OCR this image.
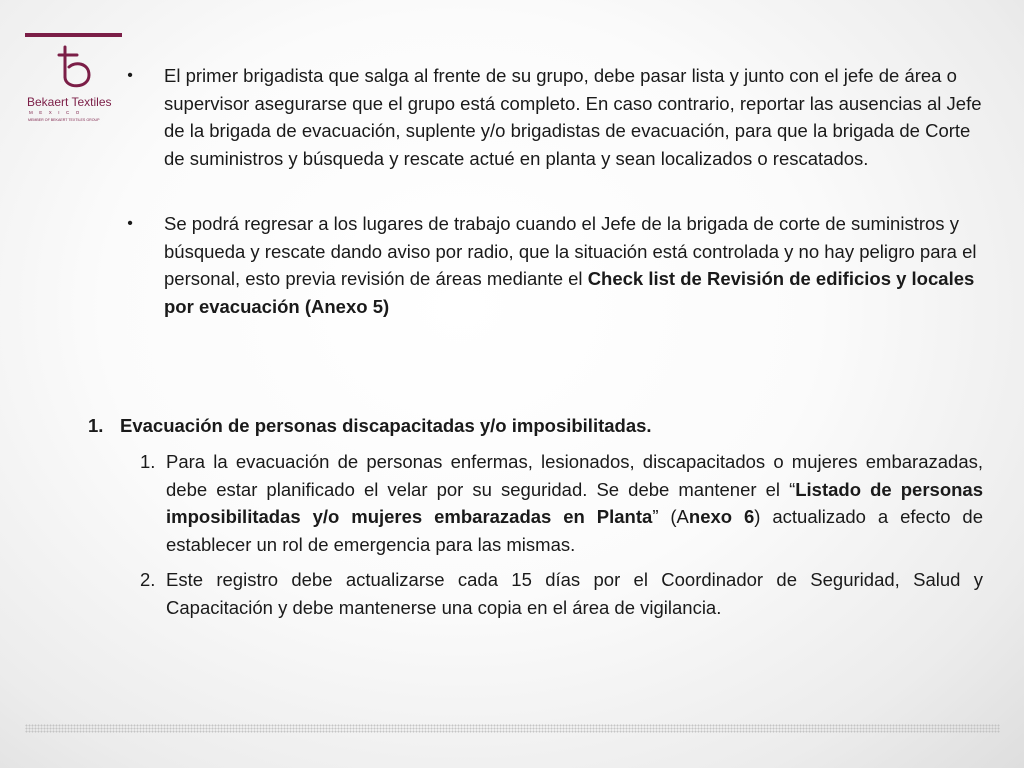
Bekaert Textiles
MEXICO
MEMBER OF BEKAERT TEXTILES GROUP
•	El primer brigadista que salga al frente de su grupo, debe pasar lista y junto con el jefe de área o supervisor asegurarse que el grupo está completo. En caso contrario, reportar las ausencias al Jefe de la brigada de evacuación, suplente y/o brigadistas de evacuación, para que la brigada de Corte de suministros y búsqueda y rescate actué en planta y sean localizados o rescatados.
•	Se podrá regresar a los lugares de trabajo cuando el Jefe de la brigada de corte de suministros y búsqueda y rescate dando aviso por radio, que la situación está controlada y no hay peligro para el personal, esto previa revisión de áreas mediante el Check list de Revisión de edificios y locales por evacuación (Anexo 5)
1. Evacuación de personas discapacitadas y/o imposibilitadas.
1. Para la evacuación de personas enfermas, lesionados, discapacitados o mujeres embarazadas, debe estar planificado el velar por su seguridad. Se debe mantener el “Listado de personas imposibilitadas y/o mujeres embarazadas en Planta” (Anexo 6) actualizado a efecto de establecer un rol de emergencia para las mismas.
2. Este registro debe actualizarse cada 15 días por el Coordinador de Seguridad, Salud y Capacitación y debe mantenerse una copia en el área de vigilancia.
